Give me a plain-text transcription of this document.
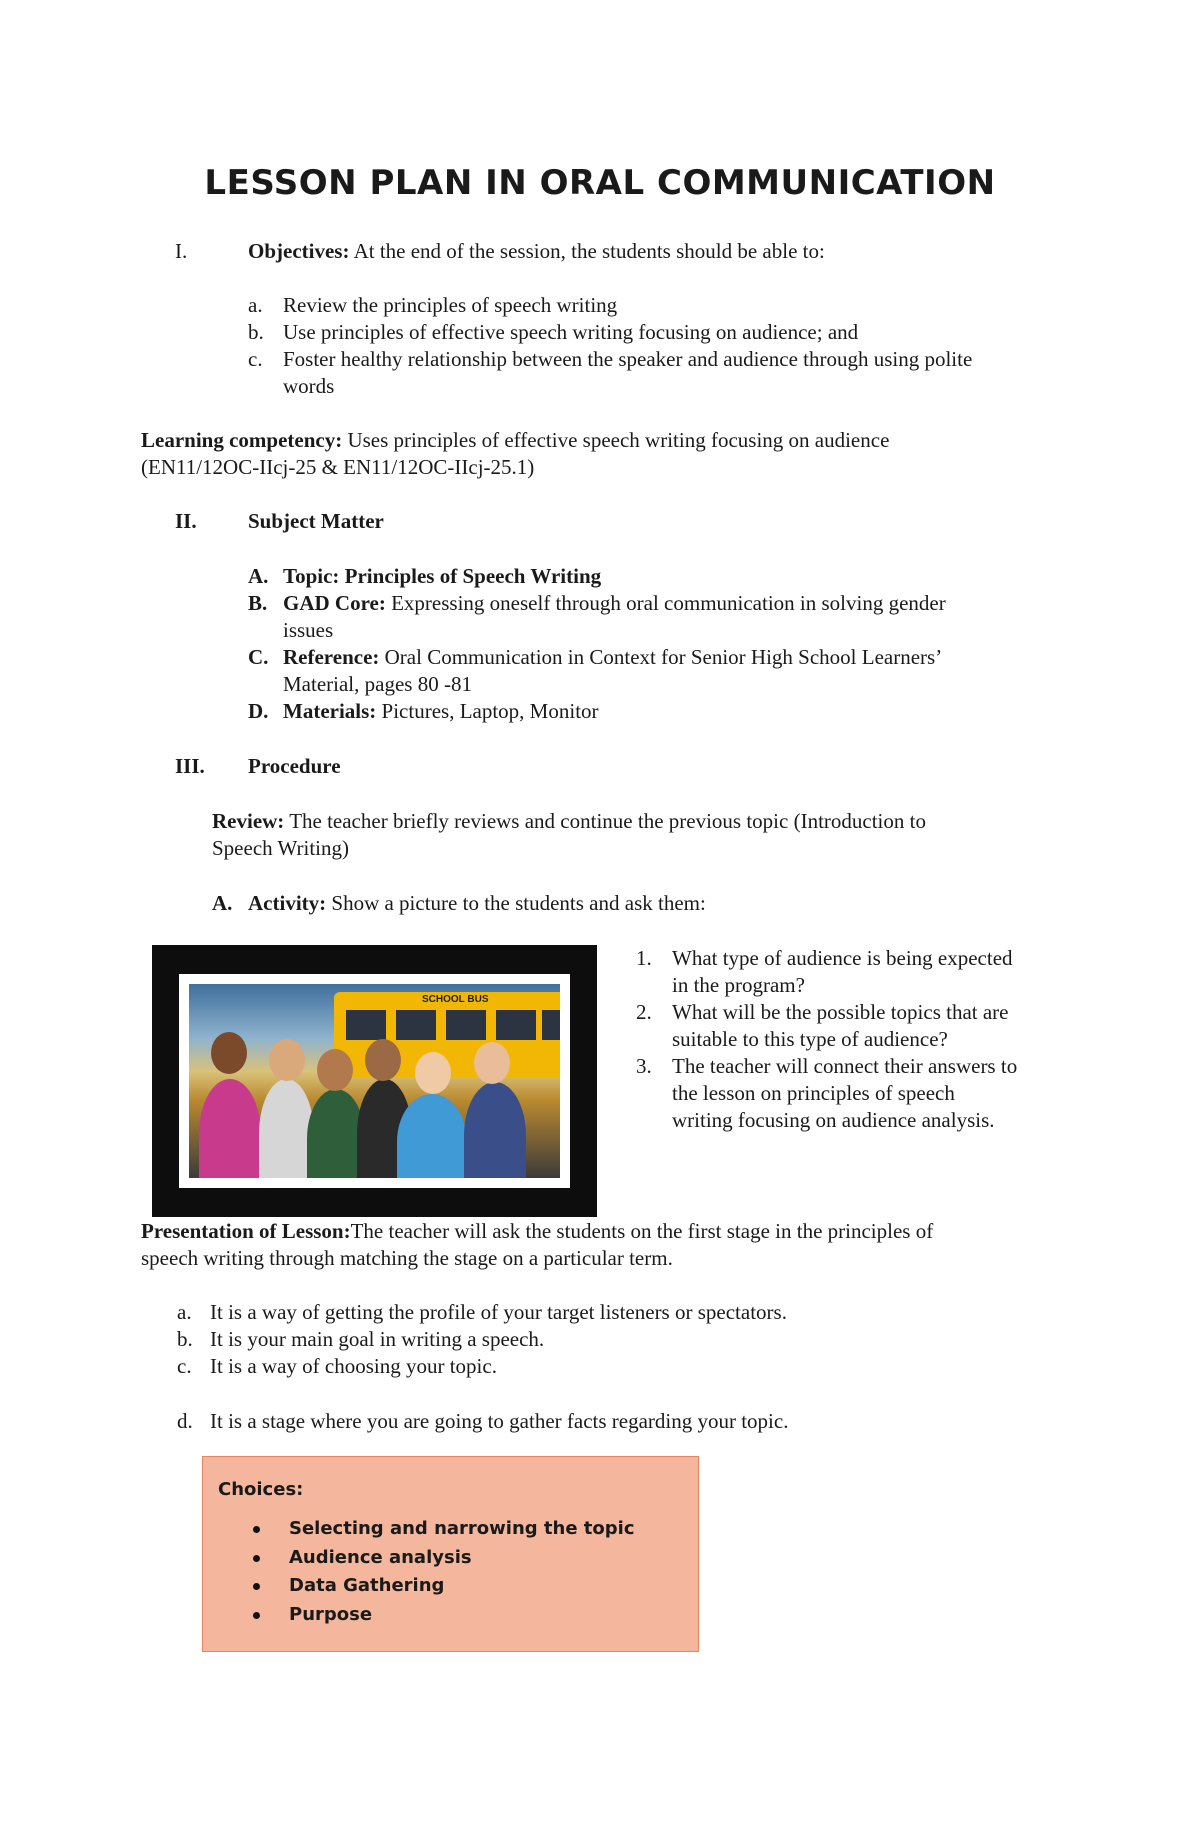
LESSON PLAN IN ORAL COMMUNICATION
I.	Objectives: At the end of the session, the students should be able to:
a. Review the principles of speech writing
b. Use principles of effective speech writing focusing on audience; and
c. Foster healthy relationship between the speaker and audience through using polite
words
Learning competency: Uses principles of effective speech writing focusing on audience
(EN11/12OC-IIcj-25 & EN11/12OC-IIcj-25.1)
II. Subject Matter
A. Topic: Principles of Speech Writing
B. GAD Core: Expressing oneself through oral communication in solving gender
issues
C. Reference: Oral Communication in Context for Senior High School Learners’
Material, pages 80 -81
D. Materials: Pictures, Laptop, Monitor
III. Procedure
Review: The teacher briefly reviews and continue the previous topic (Introduction to
Speech Writing)
A. Activity: Show a picture to the students and ask them:
SCHOOL BUS
1. What type of audience is being expected
in the program?
2. What will be the possible topics that are
suitable to this type of audience?
3. The teacher will connect their answers to
the lesson on principles of speech
writing focusing on audience analysis.
Presentation of Lesson:The teacher will ask the students on the first stage in the principles of
speech writing through matching the stage on a particular term.
a. It is a way of getting the profile of your target listeners or spectators.
b. It is your main goal in writing a speech.
c. It is a way of choosing your topic.
d. It is a stage where you are going to gather facts regarding your topic.
Choices:
Selecting and narrowing the topic
Audience analysis
Data Gathering
Purpose
